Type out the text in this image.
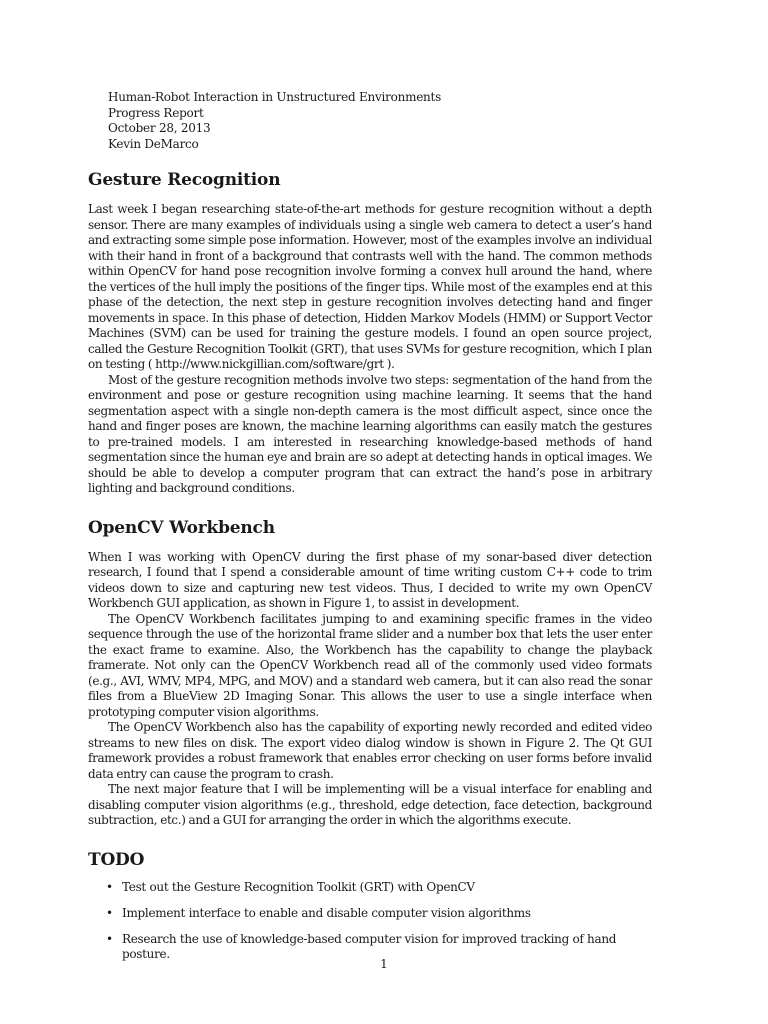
Human-Robot Interaction in Unstructured Environments
Progress Report
October 28, 2013
Kevin DeMarco
Gesture Recognition

Last week I began researching state-of-the-art methods for gesture recognition without a depth sensor. There are many examples of individuals using a single web camera to detect a user’s hand and extracting some simple pose information. However, most of the examples involve an individual with their hand in front of a background that contrasts well with the hand. The common methods within OpenCV for hand pose recognition involve forming a convex hull around the hand, where the vertices of the hull imply the positions of the finger tips. While most of the examples end at this phase of the detection, the next step in gesture recognition involves detecting hand and finger movements in space. In this phase of detection, Hidden Markov Models (HMM) or Support Vector Machines (SVM) can be used for training the gesture models. I found an open source project, called the Gesture Recognition Toolkit (GRT), that uses SVMs for gesture recognition, which I plan on testing ( http://www.nickgillian.com/software/grt ).

Most of the gesture recognition methods involve two steps: segmentation of the hand from the environment and pose or gesture recognition using machine learning. It seems that the hand segmentation aspect with a single non-depth camera is the most difficult aspect, since once the hand and finger poses are known, the machine learning algorithms can easily match the gestures to pre-trained models. I am interested in researching knowledge-based methods of hand segmentation since the human eye and brain are so adept at detecting hands in optical images. We should be able to develop a computer program that can extract the hand’s pose in arbitrary lighting and background conditions.

OpenCV Workbench

When I was working with OpenCV during the first phase of my sonar-based diver detection research, I found that I spend a considerable amount of time writing custom C++ code to trim videos down to size and capturing new test videos. Thus, I decided to write my own OpenCV Workbench GUI application, as shown in Figure 1, to assist in development.

The OpenCV Workbench facilitates jumping to and examining specific frames in the video sequence through the use of the horizontal frame slider and a number box that lets the user enter the exact frame to examine. Also, the Workbench has the capability to change the playback framerate. Not only can the OpenCV Workbench read all of the commonly used video formats (e.g., AVI, WMV, MP4, MPG, and MOV) and a standard web camera, but it can also read the sonar files from a BlueView 2D Imaging Sonar. This allows the user to use a single interface when prototyping computer vision algorithms.

The OpenCV Workbench also has the capability of exporting newly recorded and edited video streams to new files on disk. The export video dialog window is shown in Figure 2. The Qt GUI framework provides a robust framework that enables error checking on user forms before invalid data entry can cause the program to crash.

The next major feature that I will be implementing will be a visual interface for enabling and disabling computer vision algorithms (e.g., threshold, edge detection, face detection, background subtraction, etc.) and a GUI for arranging the order in which the algorithms execute.

TODO
• Test out the Gesture Recognition Toolkit (GRT) with OpenCV
• Implement interface to enable and disable computer vision algorithms
• Research the use of knowledge-based computer vision for improved tracking of hand posture.
1
